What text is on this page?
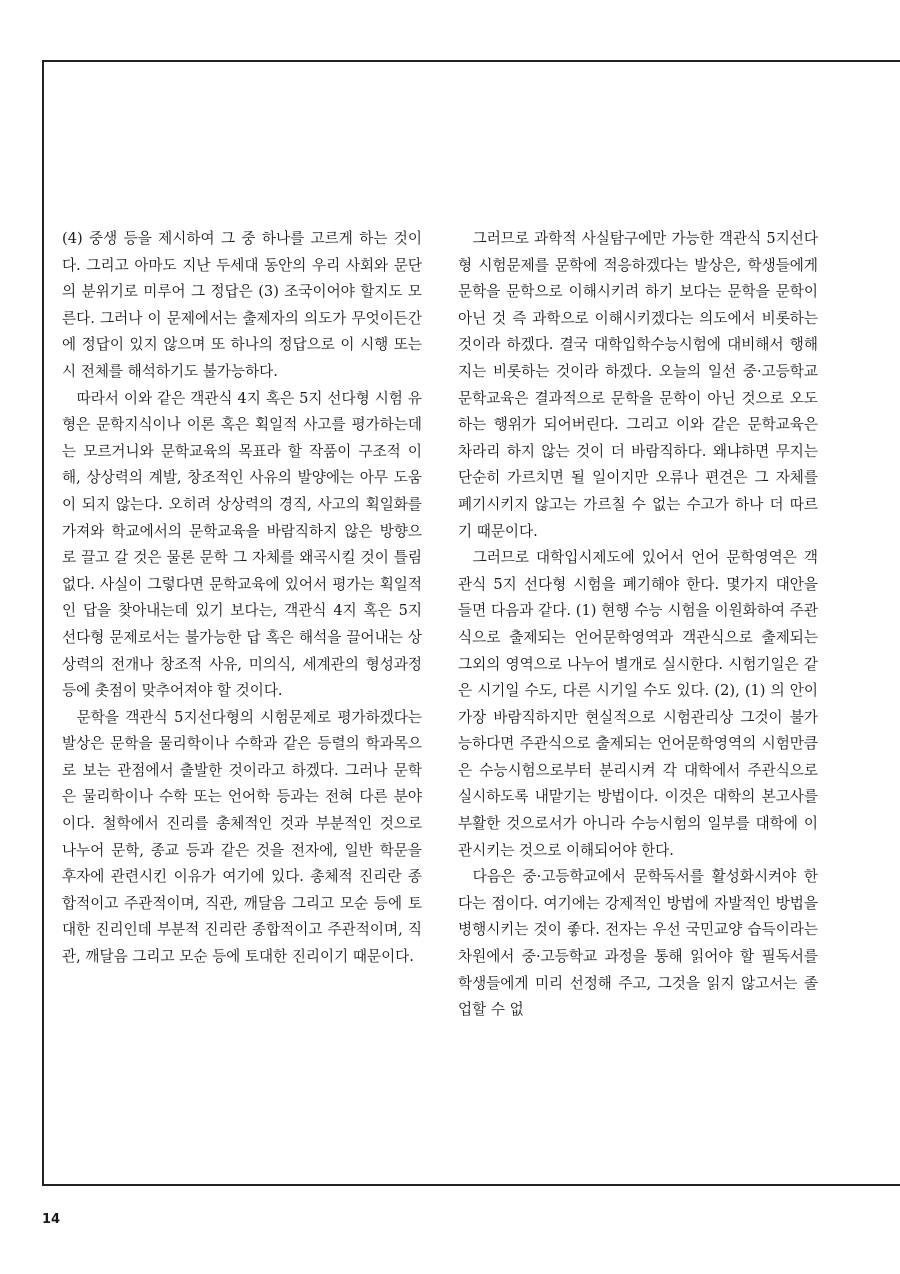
(4) 중생 등을 제시하여 그 중 하나를 고르게 하는 것이다. 그리고 아마도 지난 두세대 동안의 우리 사회와 문단의 분위기로 미루어 그 정답은 (3) 조국이어야 할지도 모른다. 그러나 이 문제에서는 출제자의 의도가 무엇이든간에 정답이 있지 않으며 또 하나의 정답으로 이 시행 또는 시 전체를 해석하기도 불가능하다.

따라서 이와 같은 객관식 4지 혹은 5지 선다형 시험 유형은 문학지식이나 이론 혹은 획일적 사고를 평가하는데는 모르거니와 문학교육의 목표라 할 작품이 구조적 이해, 상상력의 계발, 창조적인 사유의 발양에는 아무 도움이 되지 않는다. 오히려 상상력의 경직, 사고의 획일화를 가져와 학교에서의 문학교육을 바람직하지 않은 방향으로 끌고 갈 것은 물론 문학 그 자체를 왜곡시킬 것이 틀림 없다. 사실이 그렇다면 문학교육에 있어서 평가는 획일적인 답을 찾아내는데 있기 보다는, 객관식 4지 혹은 5지 선다형 문제로서는 불가능한 답 혹은 해석을 끌어내는 상상력의 전개나 창조적 사유, 미의식, 세계관의 형성과정 등에 촛점이 맞추어져야 할 것이다.

문학을 객관식 5지선다형의 시험문제로 평가하겠다는 발상은 문학을 물리학이나 수학과 같은 등렬의 학과목으로 보는 관점에서 출발한 것이라고 하겠다. 그러나 문학은 물리학이나 수학 또는 언어학 등과는 전혀 다른 분야이다. 철학에서 진리를 총체적인 것과 부분적인 것으로 나누어 문학, 종교 등과 같은 것을 전자에, 일반 학문을 후자에 관련시킨 이유가 여기에 있다. 총체적 진리란 종합적이고 주관적이며, 직관, 깨달음 그리고 모순 등에 토대한 진리인데 부분적 진리란 종합적이고 주관적이며, 직관, 깨달음 그리고 모순 등에 토대한 진리이기 때문이다.

그러므로 과학적 사실탐구에만 가능한 객관식 5지선다형 시험문제를 문학에 적응하겠다는 발상은, 학생들에게 문학을 문학으로 이해시키려 하기 보다는 문학을 문학이 아닌 것 즉 과학으로 이해시키겠다는 의도에서 비롯하는 것이라 하겠다. 결국 대학입학수능시험에 대비해서 행해지는 비롯하는 것이라 하겠다. 오늘의 일선 중·고등학교 문학교육은 결과적으로 문학을 문학이 아닌 것으로 오도하는 행위가 되어버린다. 그리고 이와 같은 문학교육은 차라리 하지 않는 것이 더 바람직하다. 왜냐하면 무지는 단순히 가르치면 될 일이지만 오류나 편견은 그 자체를 폐기시키지 않고는 가르칠 수 없는 수고가 하나 더 따르기 때문이다.

그러므로 대학입시제도에 있어서 언어 문학영역은 객관식 5지 선다형 시험을 폐기해야 한다. 몇가지 대안을 들면 다음과 같다. (1) 현행 수능 시험을 이원화하여 주관식으로 출제되는 언어문학영역과 객관식으로 출제되는 그외의 영역으로 나누어 별개로 실시한다. 시험기일은 같은 시기일 수도, 다른 시기일 수도 있다. (2), (1) 의 안이 가장 바람직하지만 현실적으로 시험관리상 그것이 불가능하다면 주관식으로 출제되는 언어문학영역의 시험만큼은 수능시험으로부터 분리시켜 각 대학에서 주관식으로 실시하도록 내맡기는 방법이다. 이것은 대학의 본고사를 부활한 것으로서가 아니라 수능시험의 일부를 대학에 이관시키는 것으로 이해되어야 한다.

다음은 중·고등학교에서 문학독서를 활성화시켜야 한다는 점이다. 여기에는 강제적인 방법에 자발적인 방법을 병행시키는 것이 좋다. 전자는 우선 국민교양 습득이라는 차원에서 중·고등학교 과정을 통해 읽어야 할 필독서를 학생들에게 미리 선정해 주고, 그것을 읽지 않고서는 졸업할 수 없

14
